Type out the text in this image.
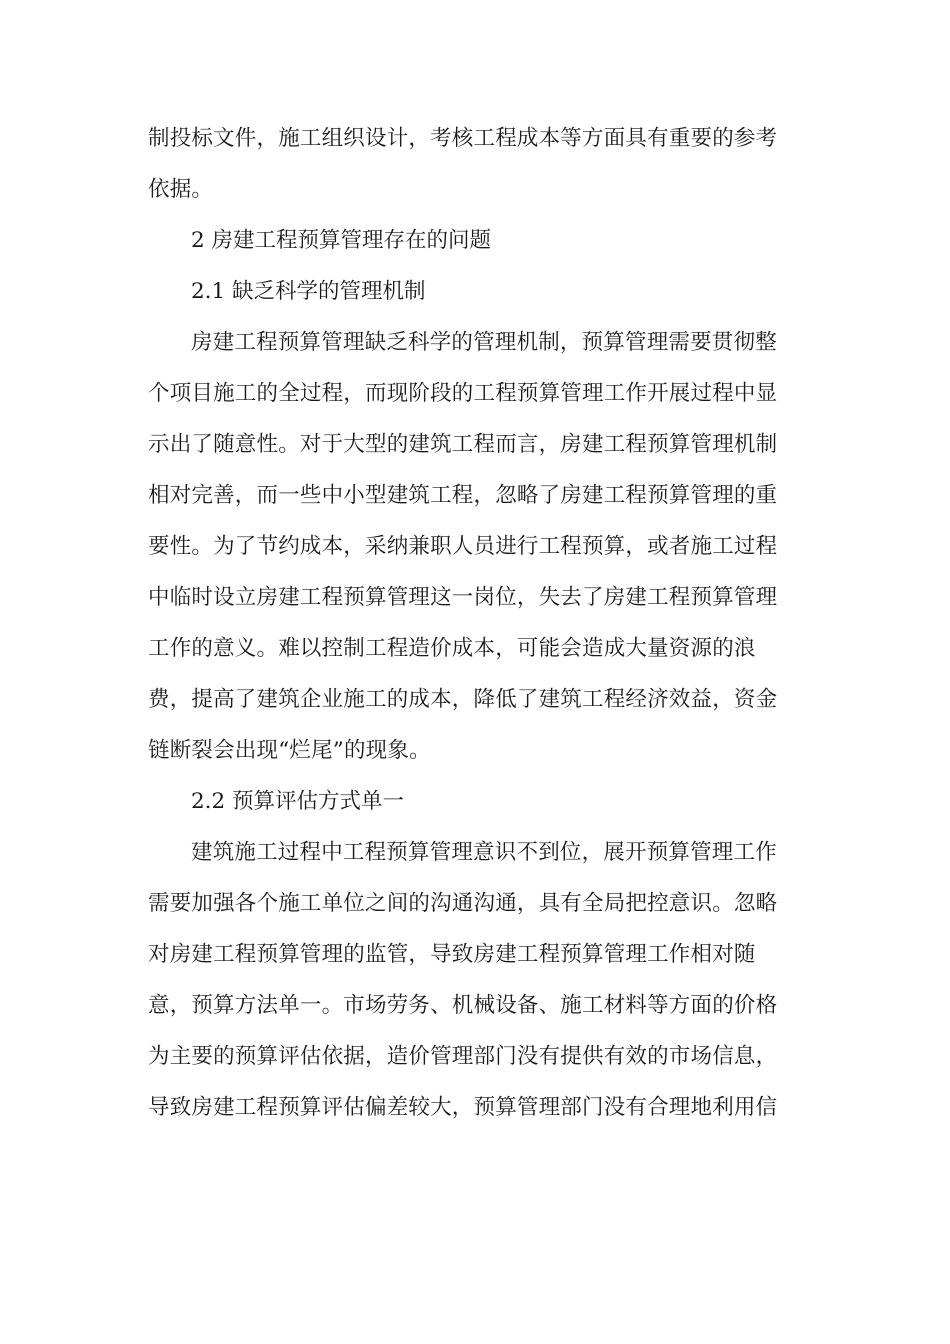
制投标文件，施工组织设计，考核工程成本等方面具有重要的参考
依据。
2 房建工程预算管理存在的问题
2.1 缺乏科学的管理机制
房建工程预算管理缺乏科学的管理机制，预算管理需要贯彻整
个项目施工的全过程，而现阶段的工程预算管理工作开展过程中显
示出了随意性。对于大型的建筑工程而言，房建工程预算管理机制
相对完善，而一些中小型建筑工程，忽略了房建工程预算管理的重
要性。为了节约成本，采纳兼职人员进行工程预算，或者施工过程
中临时设立房建工程预算管理这一岗位，失去了房建工程预算管理
工作的意义。难以控制工程造价成本，可能会造成大量资源的浪
费，提高了建筑企业施工的成本，降低了建筑工程经济效益，资金
链断裂会出现“烂尾”的现象。
2.2 预算评估方式单一
建筑施工过程中工程预算管理意识不到位，展开预算管理工作
需要加强各个施工单位之间的沟通沟通，具有全局把控意识。忽略
对房建工程预算管理的监管，导致房建工程预算管理工作相对随
意，预算方法单一。市场劳务、机械设备、施工材料等方面的价格
为主要的预算评估依据，造价管理部门没有提供有效的市场信息，
导致房建工程预算评估偏差较大，预算管理部门没有合理地利用信
